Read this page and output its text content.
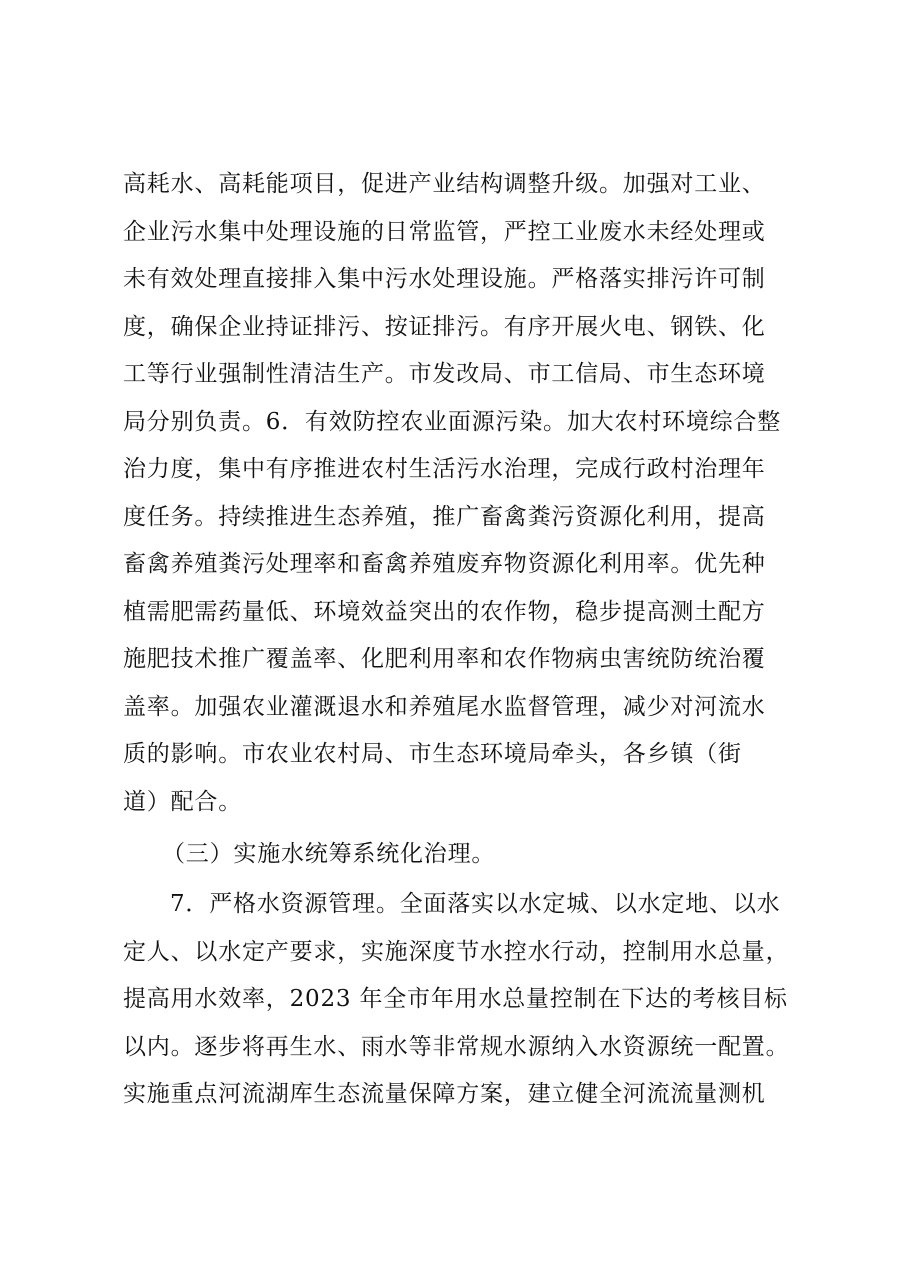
高耗水、高耗能项目，促进产业结构调整升级。加强对工业、
企业污水集中处理设施的日常监管，严控工业废水未经处理或
未有效处理直接排入集中污水处理设施。严格落实排污许可制
度，确保企业持证排污、按证排污。有序开展火电、钢铁、化
工等行业强制性清洁生产。市发改局、市工信局、市生态环境
局分别负责。6．有效防控农业面源污染。加大农村环境综合整
治力度，集中有序推进农村生活污水治理，完成行政村治理年
度任务。持续推进生态养殖，推广畜禽粪污资源化利用，提高
畜禽养殖粪污处理率和畜禽养殖废弃物资源化利用率。优先种
植需肥需药量低、环境效益突出的农作物，稳步提高测土配方
施肥技术推广覆盖率、化肥利用率和农作物病虫害统防统治覆
盖率。加强农业灌溉退水和养殖尾水监督管理，减少对河流水
质的影响。市农业农村局、市生态环境局牵头，各乡镇（街
道）配合。
（三）实施水统筹系统化治理。
7．严格水资源管理。全面落实以水定城、以水定地、以水
定人、以水定产要求，实施深度节水控水行动，控制用水总量，
提高用水效率，2023 年全市年用水总量控制在下达的考核目标
以内。逐步将再生水、雨水等非常规水源纳入水资源统一配置。
实施重点河流湖库生态流量保障方案，建立健全河流流量测机
